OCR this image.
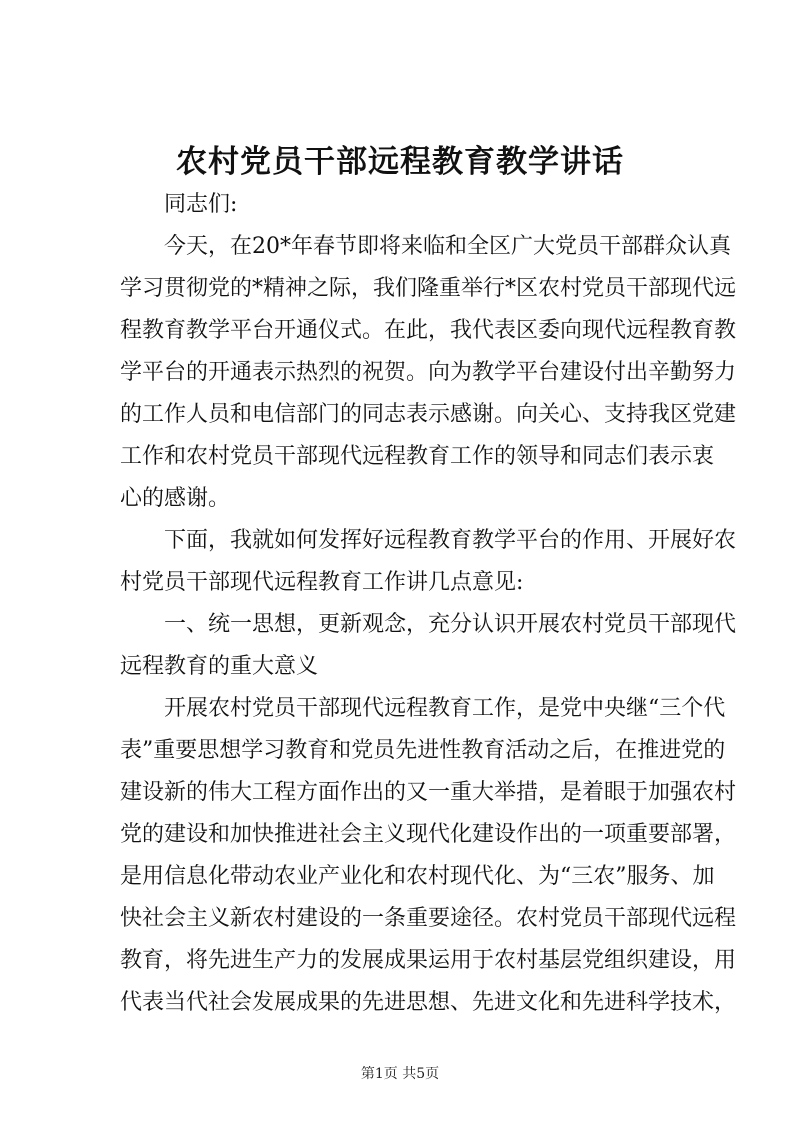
农村党员干部远程教育教学讲话
同志们:
今天，在20*年春节即将来临和全区广大党员干部群众认真
学习贯彻党的*精神之际，我们隆重举行*区农村党员干部现代远
程教育教学平台开通仪式。在此，我代表区委向现代远程教育教
学平台的开通表示热烈的祝贺。向为教学平台建设付出辛勤努力
的工作人员和电信部门的同志表示感谢。向关心、支持我区党建
工作和农村党员干部现代远程教育工作的领导和同志们表示衷
心的感谢。
下面，我就如何发挥好远程教育教学平台的作用、开展好农
村党员干部现代远程教育工作讲几点意见:
一、统一思想，更新观念，充分认识开展农村党员干部现代
远程教育的重大意义
开展农村党员干部现代远程教育工作，是党中央继“三个代
表”重要思想学习教育和党员先进性教育活动之后，在推进党的
建设新的伟大工程方面作出的又一重大举措，是着眼于加强农村
党的建设和加快推进社会主义现代化建设作出的一项重要部署，
是用信息化带动农业产业化和农村现代化、为“三农”服务、加
快社会主义新农村建设的一条重要途径。农村党员干部现代远程
教育，将先进生产力的发展成果运用于农村基层党组织建设，用
代表当代社会发展成果的先进思想、先进文化和先进科学技术，
第1页 共5页
